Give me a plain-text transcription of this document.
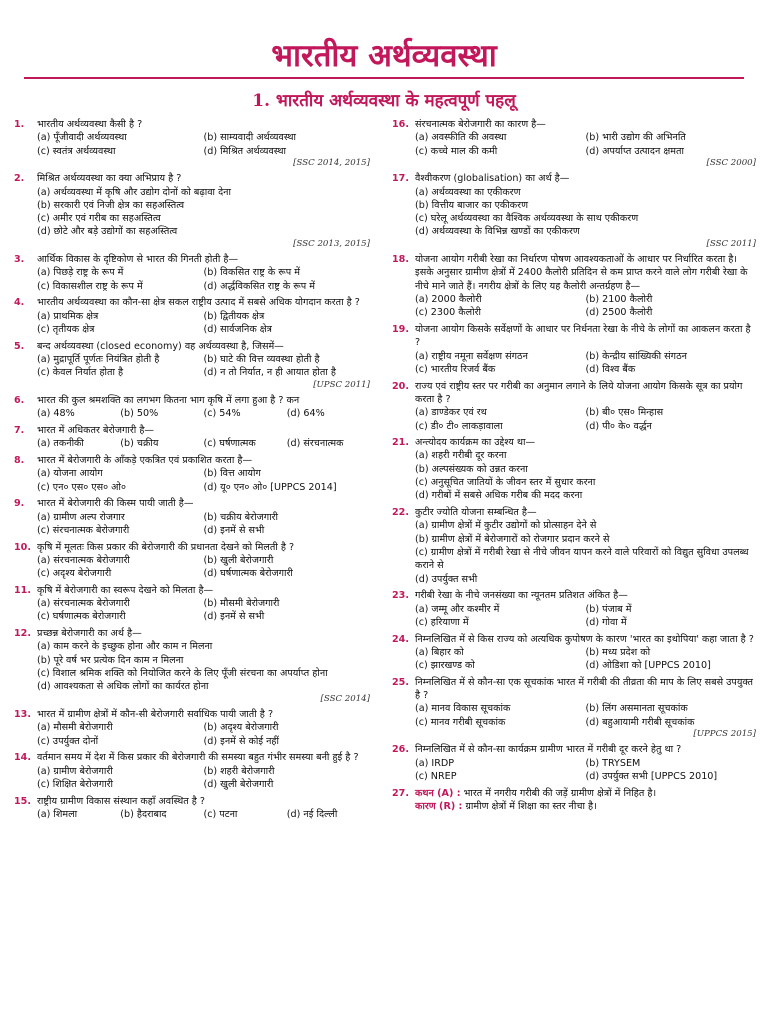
भारतीय अर्थव्यवस्था
1. भारतीय अर्थव्यवस्था के महत्वपूर्ण पहलू
1. भारतीय अर्थव्यवस्था कैसी है ?
(a) पूँजीवादी अर्थव्यवस्था	(b) साम्यवादी अर्थव्यवस्था
(c) स्वतंत्र अर्थव्यवस्था	(d) मिश्रित अर्थव्यवस्था
[SSC 2014, 2015]
2. मिश्रित अर्थव्यवस्था का क्या अभिप्राय है ?
(a) अर्थव्यवस्था में कृषि और उद्योग दोनों को बढ़ावा देना
(b) सरकारी एवं निजी क्षेत्र का सहअस्तित्व
(c) अमीर एवं गरीब का सहअस्तित्व
(d) छोटे और बड़े उद्योगों का सहअस्तित्व
[SSC 2013, 2015]
3. आर्थिक विकास के दृष्टिकोण से भारत की गिनती होती है—
(a) पिछड़े राष्ट्र के रूप में	(b) विकसित राष्ट्र के रूप में
(c) विकासशील राष्ट्र के रूप में	(d) अर्द्धविकसित राष्ट्र के रूप में
4. भारतीय अर्थव्यवस्था का कौन-सा क्षेत्र सकल राष्ट्रीय उत्पाद में सबसे अधिक योगदान करता है ?
(a) प्राथमिक क्षेत्र	(b) द्वितीयक क्षेत्र
(c) तृतीयक क्षेत्र	(d) सार्वजनिक क्षेत्र
5. बन्द अर्थव्यवस्था (closed economy) वह अर्थव्यवस्था है, जिसमें—
(a) मुद्रापूर्ति पूर्णतः नियंत्रित होती है	(b) घाटे की वित्त व्यवस्था होती है
(c) केवल निर्यात होता है	(d) न तो निर्यात, न ही आयात होता है
[UPSC 2011]
6. भारत की कुल श्रमशक्ति का लगभग कितना भाग कृषि में लगा हुआ है ? कन
(a) 48%	(b) 50%	(c) 54%	(d) 64%
7. भारत में अधिकतर बेरोजगारी है—
(a) तकनीकी	(b) चक्रीय	(c) घर्षणात्मक	(d) संरचनात्मक
8. भारत में बेरोजगारी के आँकड़े एकत्रित एवं प्रकाशित करता है—
(a) योजना आयोग	(b) वित्त आयोग
(c) एन० एस० एस० ओ०	(d) यू० एन० ओ० [UPPCS 2014]
9. भारत में बेरोजगारी की किस्म पायी जाती है—
(a) ग्रामीण अल्प रोजगार	(b) चक्रीय बेरोजगारी
(c) संरचनात्मक बेरोजगारी	(d) इनमें से सभी
10. कृषि में मूलतः किस प्रकार की बेरोजगारी की प्रधानता देखने को मिलती है ?
(a) संरचनात्मक बेरोजगारी	(b) खुली बेरोजगारी
(c) अदृश्य बेरोजगारी	(d) घर्षणात्मक बेरोजगारी
11. कृषि में बेरोजगारी का स्वरूप देखने को मिलता है—
(a) संरचनात्मक बेरोजगारी	(b) मौसमी बेरोजगारी
(c) घर्षणात्मक बेरोजगारी	(d) इनमें से सभी
12. प्रच्छन्न बेरोजगारी का अर्थ है—
(a) काम करने के इच्छुक होना और काम न मिलना
(b) पूरे वर्ष भर प्रत्येक दिन काम न मिलना
(c) विशाल श्रमिक शक्ति को नियोजित करने के लिए पूँजी संरचना का अपर्याप्त होना
(d) आवश्यकता से अधिक लोगों का कार्यरत होना
[SSC 2014]
13. भारत में ग्रामीण क्षेत्रों में कौन-सी बेरोजगारी सर्वाधिक पायी जाती है ?
(a) मौसमी बेरोजगारी	(b) अदृश्य बेरोजगारी
(c) उपर्युक्त दोनों	(d) इनमें से कोई नहीं
14. वर्तमान समय में देश में किस प्रकार की बेरोजगारी की समस्या बहुत गंभीर समस्या बनी हुई है ?
(a) ग्रामीण बेरोजगारी	(b) शहरी बेरोजगारी
(c) शिक्षित बेरोजगारी	(d) खुली बेरोजगारी
15. राष्ट्रीय ग्रामीण विकास संस्थान कहाँ अवस्थित है ?
(a) शिमला	(b) हैदराबाद	(c) पटना	(d) नई दिल्ली
16. संरचनात्मक बेरोजगारी का कारण है—
(a) अवस्फीति की अवस्था	(b) भारी उद्योग की अभिनति
(c) कच्चे माल की कमी	(d) अपर्याप्त उत्पादन क्षमता
[SSC 2000]
17. वैश्वीकरण (globalisation) का अर्थ है—
(a) अर्थव्यवस्था का एकीकरण
(b) वित्तीय बाजार का एकीकरण
(c) घरेलू अर्थव्यवस्था का वैश्विक अर्थव्यवस्था के साथ एकीकरण
(d) अर्थव्यवस्था के विभिन्न खण्डों का एकीकरण
[SSC 2011]
18. योजना आयोग गरीबी रेखा का निर्धारण पोषण आवश्यकताओं के आधार पर निर्धारित करता है। इसके अनुसार ग्रामीण क्षेत्रों में 2400 कैलोरी प्रतिदिन से कम प्राप्त करने वाले लोग गरीबी रेखा के नीचे माने जाते हैं। नगरीय क्षेत्रों के लिए यह कैलोरी अन्तर्ग्रहण है—
(a) 2000 कैलोरी	(b) 2100 कैलोरी
(c) 2300 कैलोरी	(d) 2500 कैलोरी
19. योजना आयोग किसके सर्वेक्षणों के आधार पर निर्धनता रेखा के नीचे के लोगों का आकलन करता है ?
(a) राष्ट्रीय नमूना सर्वेक्षण संगठन	(b) केन्द्रीय सांख्यिकी संगठन
(c) भारतीय रिजर्व बैंक	(d) विश्व बैंक
20. राज्य एवं राष्ट्रीय स्तर पर गरीबी का अनुमान लगाने के लिये योजना आयोग किसके सूत्र का प्रयोग करता है ?
(a) डाण्डेकर एवं रथ	(b) बी० एस० मिन्हास
(c) डी० टी० लाकड़ावाला	(d) पी० के० वर्द्धन
21. अन्त्योदय कार्यक्रम का उद्देश्य था—
(a) शहरी गरीबी दूर करना
(b) अल्पसंख्यक को उन्नत करना
(c) अनुसूचित जातियों के जीवन स्तर में सुधार करना
(d) गरीबों में सबसे अधिक गरीब की मदद करना
22. कुटीर ज्योति योजना सम्बन्धित है—
(a) ग्रामीण क्षेत्रों में कुटीर उद्योगों को प्रोत्साहन देने से
(b) ग्रामीण क्षेत्रों में बेरोजगारों को रोजगार प्रदान करने से
(c) ग्रामीण क्षेत्रों में गरीबी रेखा से नीचे जीवन यापन करने वाले परिवारों को विद्युत सुविधा उपलब्ध कराने से
(d) उपर्युक्त सभी
23. गरीबी रेखा के नीचे जनसंख्या का न्यूनतम प्रतिशत अंकित है—
(a) जम्मू और कश्मीर में	(b) पंजाब में
(c) हरियाणा में	(d) गोवा में
24. निम्नलिखित में से किस राज्य को अत्यधिक कुपोषण के कारण 'भारत का इथोपिया' कहा जाता है ?
(a) बिहार को	(b) मध्य प्रदेश को
(c) झारखण्ड को	(d) ओडिशा को [UPPCS 2010]
25. निम्नलिखित में से कौन-सा एक सूचकांक भारत में गरीबी की तीव्रता की माप के लिए सबसे उपयुक्त है ?
(a) मानव विकास सूचकांक	(b) लिंग असमानता सूचकांक
(c) मानव गरीबी सूचकांक	(d) बहुआयामी गरीबी सूचकांक
[UPPCS 2015]
26. निम्नलिखित में से कौन-सा कार्यक्रम ग्रामीण भारत में गरीबी दूर करने हेतु था ?
(a) IRDP	(b) TRYSEM
(c) NREP	(d) उपर्युक्त सभी [UPPCS 2010]
27. कथन (A) : भारत में नगरीय गरीबी की जड़ें ग्रामीण क्षेत्रों में निहित है।
कारण (R) : ग्रामीण क्षेत्रों में शिक्षा का स्तर नीचा है।
